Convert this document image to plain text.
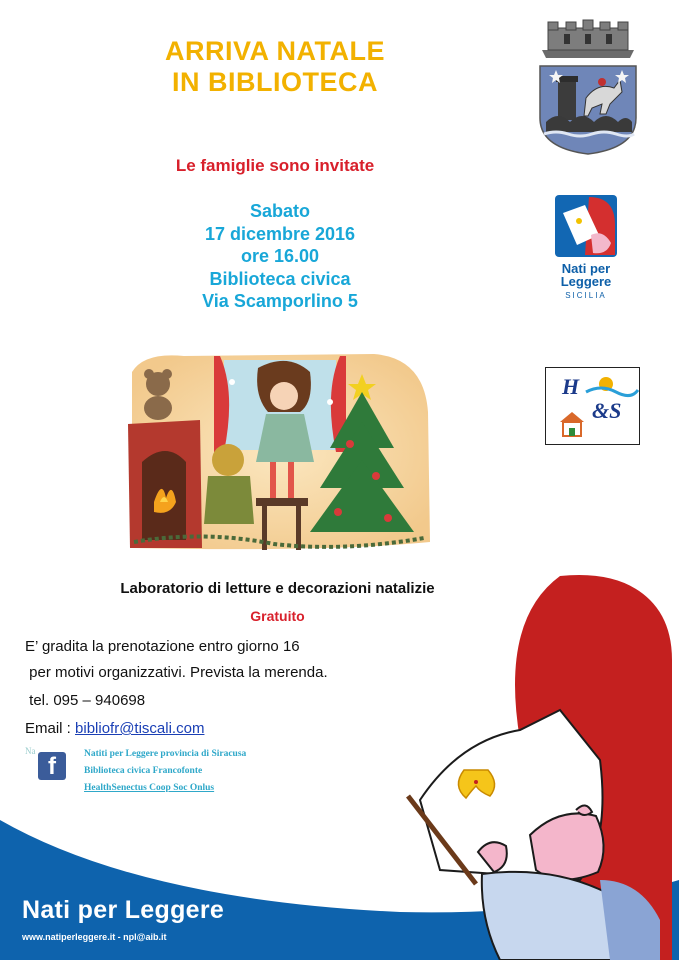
ARRIVA NATALE
IN BIBLIOTECA
Le famiglie sono invitate
Sabato
17 dicembre 2016
ore 16.00
Biblioteca civica
Via Scamporlino 5
Nati per
Leggere
SICILIA
H
&S
Laboratorio di letture e decorazioni natalizie
Gratuito
E’ gradita la prenotazione entro giorno 16
per motivi organizzativi. Prevista la merenda.
tel. 095 – 940698
Email : bibliofr@tiscali.com
Na
f	Natiti per Leggere provincia di Siracusa
Biblioteca civica Francofonte
HealthSenectus Coop Soc Onlus
Nati per Leggere
www.natiperleggere.it - npl@aib.it
